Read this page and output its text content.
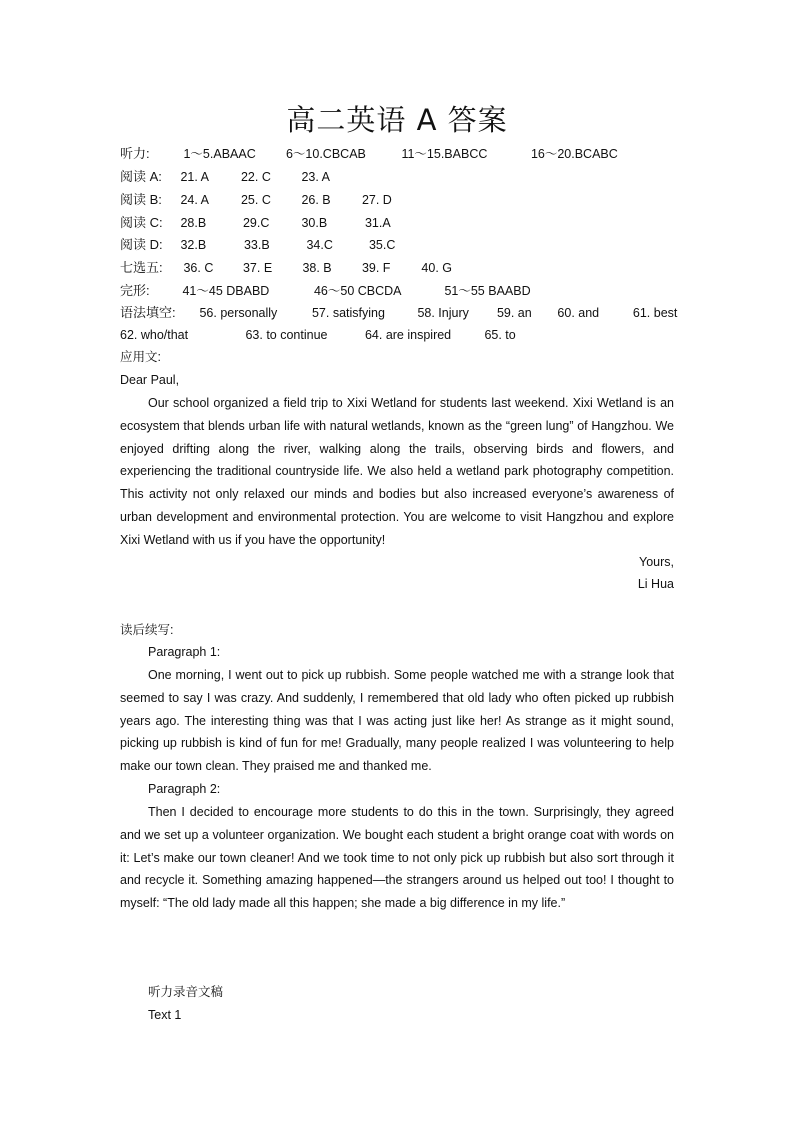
高二英语 A 答案
听力:	1～5.ABAAC 6～10.CBCAB	11～15.BABCC	16～20.BCABC
阅读 A: 21. A	22. C 23. A
阅读 B: 24. A	25. C 26. B	27. D
阅读 C: 28.B	29.C	30.B	31.A
阅读 D: 32.B	33.B	34.C	35.C
七选五: 36. C 37. E 38. B 39. F 40. G
完形:	41～45 DBABD	46～50 CBCDA	51～55 BAABD
语法填空: 56. personally	57. satisfying	58. Injury 59. an 60. and	61. best
62. who/that	63. to continue	64. are inspired	65. to
应用文:
Dear Paul,
Our school organized a field trip to Xixi Wetland for students last weekend. Xixi Wetland is an ecosystem that blends urban life with natural wetlands, known as the “green lung” of Hangzhou. We enjoyed drifting along the river, walking along the trails, observing birds and flowers, and experiencing the traditional countryside life. We also held a wetland park photography competition. This activity not only relaxed our minds and bodies but also increased everyone’s awareness of urban development and environmental protection. You are welcome to visit Hangzhou and explore Xixi Wetland with us if you have the opportunity!
Yours,
Li Hua
读后续写:
Paragraph 1:
One morning, I went out to pick up rubbish. Some people watched me with a strange look that seemed to say I was crazy. And suddenly, I remembered that old lady who often picked up rubbish years ago. The interesting thing was that I was acting just like her! As strange as it might sound, picking up rubbish is kind of fun for me! Gradually, many people realized I was volunteering to help make our town clean. They praised me and thanked me.
Paragraph 2:
Then I decided to encourage more students to do this in the town. Surprisingly, they agreed and we set up a volunteer organization. We bought each student a bright orange coat with words on it: Let’s make our town cleaner! And we took time to not only pick up rubbish but also sort through it and recycle it. Something amazing happened—the strangers around us helped out too! I thought to myself: “The old lady made all this happen; she made a big difference in my life.”
听力录音文稿
Text 1
